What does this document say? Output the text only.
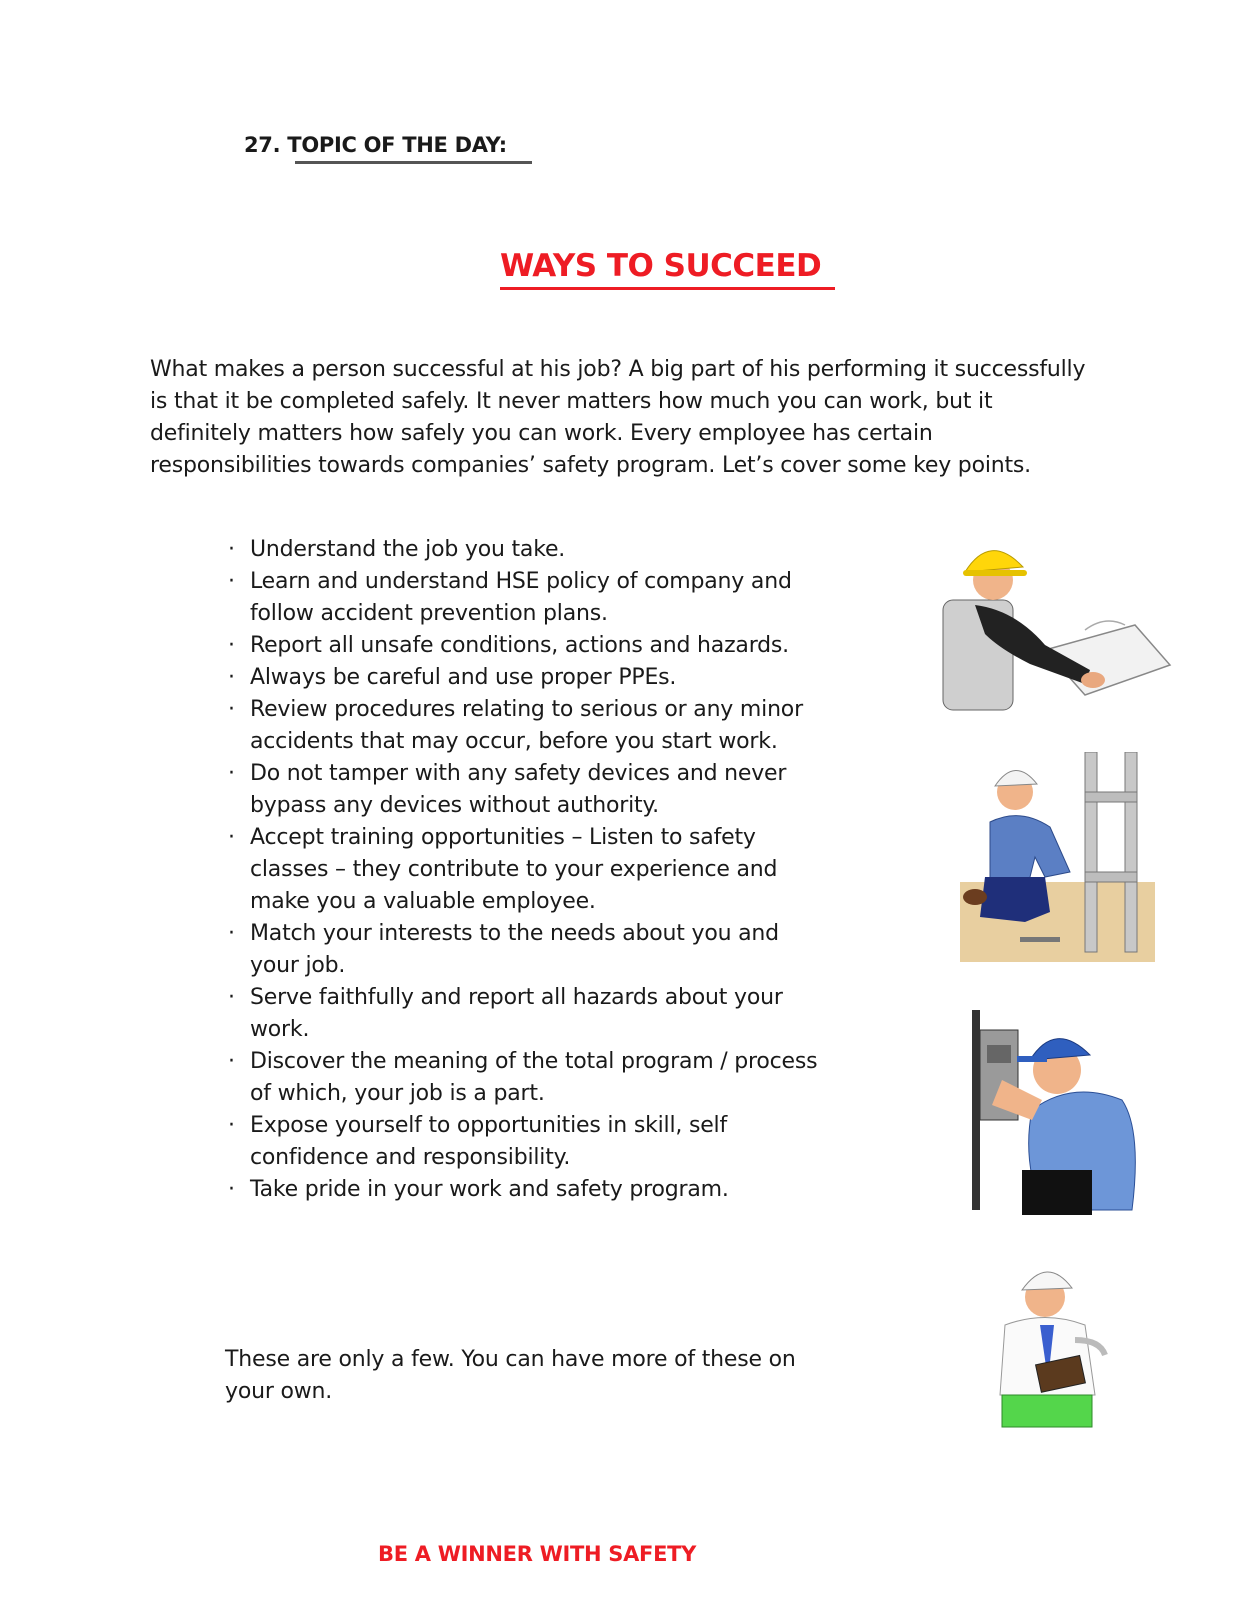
27. TOPIC OF THE DAY:
WAYS TO SUCCEED

What makes a person successful at his job? A big part of his performing it successfully is that it be completed safely. It never matters how much you can work, but it definitely matters how safely you can work. Every employee has certain responsibilities towards companies’ safety program. Let’s cover some key points.

· Understand the job you take.
· Learn and understand HSE policy of company and follow accident prevention plans.
· Report all unsafe conditions, actions and hazards.
· Always be careful and use proper PPEs.
· Review procedures relating to serious or any minor accidents that may occur, before you start work.
· Do not tamper with any safety devices and never bypass any devices without authority.
· Accept training opportunities – Listen to safety classes – they contribute to your experience and make you a valuable employee.
· Match your interests to the needs about you and your job.
· Serve faithfully and report all hazards about your work.
· Discover the meaning of the total program / process of which, your job is a part.
· Expose yourself to opportunities in skill, self confidence and responsibility.
· Take pride in your work and safety program.

These are only a few. You can have more of these on your own.

BE A WINNER WITH SAFETY
